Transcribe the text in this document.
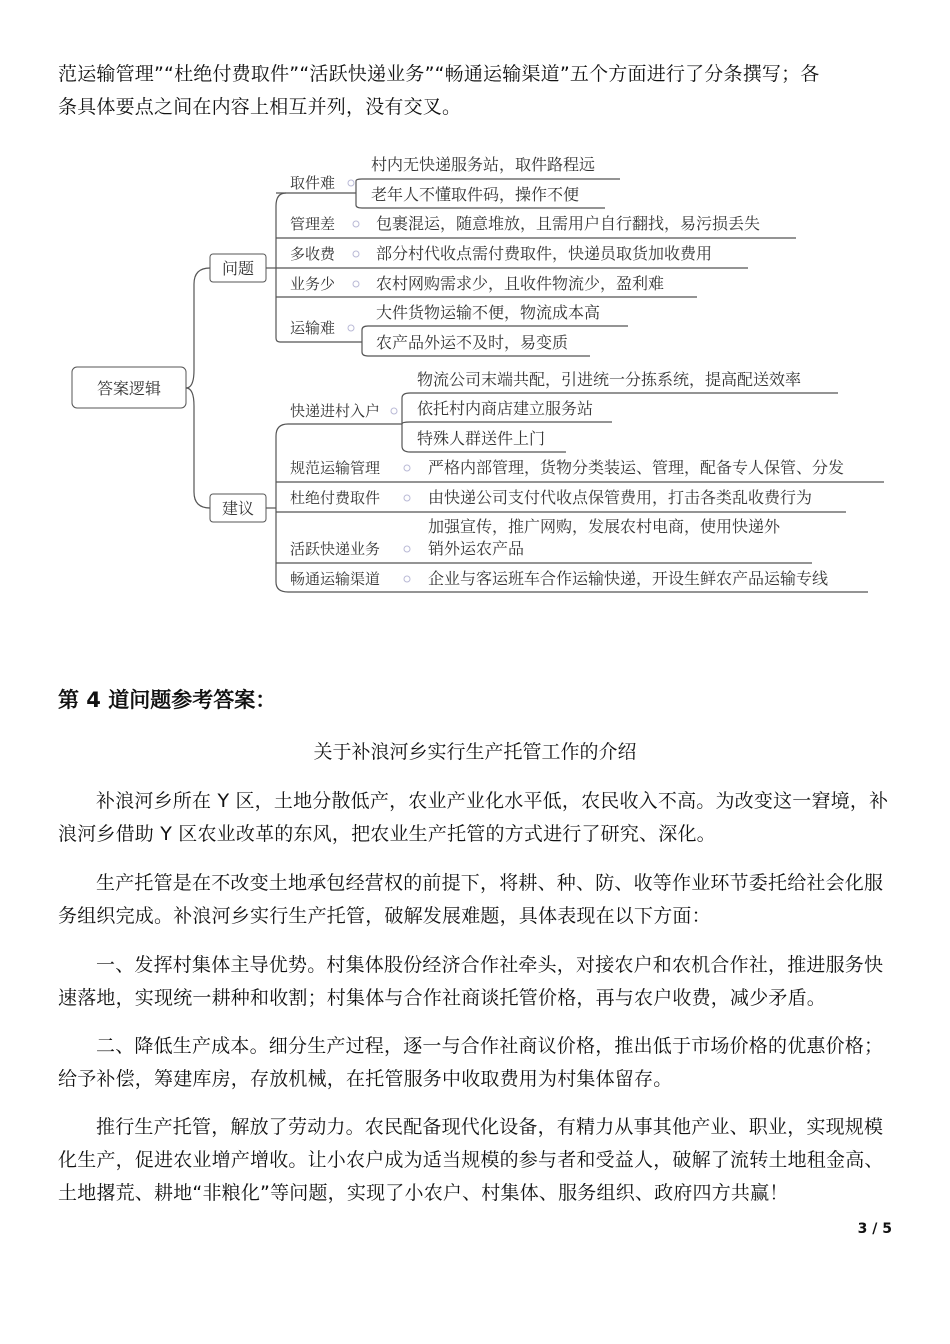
范运输管理”“杜绝付费取件”“活跃快递业务”“畅通运输渠道”五个方面进行了分条撰写；各
条具体要点之间在内容上相互并列，没有交叉。

答案逻辑
问题
取件难
村内无快递服务站，取件路程远
老年人不懂取件码，操作不便
管理差	包裹混运，随意堆放，且需用户自行翻找，易污损丢失
多收费	部分村代收点需付费取件，快递员取货加收费用
业务少	农村网购需求少，且收件物流少，盈利难
运输难
大件货物运输不便，物流成本高
农产品外运不及时，易变质
建议
快递进村入户
物流公司末端共配，引进统一分拣系统，提高配送效率
依托村内商店建立服务站
特殊人群送件上门
规范运输管理	严格内部管理，货物分类装运、管理，配备专人保管、分发
杜绝付费取件	由快递公司支付代收点保管费用，打击各类乱收费行为
活跃快递业务
加强宣传，推广网购，发展农村电商，使用快递外
销外运农产品
畅通运输渠道	企业与客运班车合作运输快递，开设生鲜农产品运输专线
第 4 道问题参考答案：

关于补浪河乡实行生产托管工作的介绍

补浪河乡所在 Y 区，土地分散低产，农业产业化水平低，农民收入不高。为改变这一窘境，补浪河乡借助 Y 区农业改革的东风，把农业生产托管的方式进行了研究、深化。

生产托管是在不改变土地承包经营权的前提下，将耕、种、防、收等作业环节委托给社会化服务组织完成。补浪河乡实行生产托管，破解发展难题，具体表现在以下方面：

一、发挥村集体主导优势。村集体股份经济合作社牵头，对接农户和农机合作社，推进服务快速落地，实现统一耕种和收割；村集体与合作社商谈托管价格，再与农户收费，减少矛盾。

二、降低生产成本。细分生产过程，逐一与合作社商议价格，推出低于市场价格的优惠价格；给予补偿，筹建库房，存放机械，在托管服务中收取费用为村集体留存。

推行生产托管，解放了劳动力。农民配备现代化设备，有精力从事其他产业、职业，实现规模化生产，促进农业增产增收。让小农户成为适当规模的参与者和受益人，破解了流转土地租金高、土地撂荒、耕地“非粮化”等问题，实现了小农户、村集体、服务组织、政府四方共赢！

3 / 5
